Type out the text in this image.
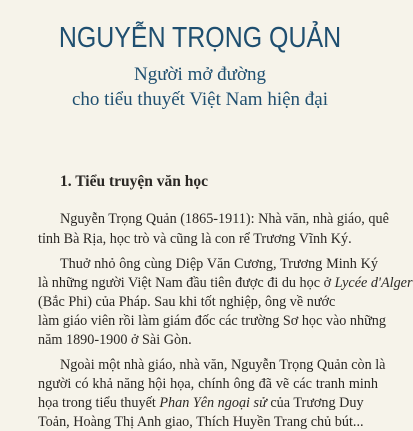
NGUYỄN TRỌNG QUẢN
Người mở đường
cho tiểu thuyết Việt Nam hiện đại
1. Tiểu truyện văn học
Nguyễn Trọng Quản (1865-1911): Nhà văn, nhà giáo, quê
tỉnh Bà Rịa, học trò và cũng là con rể Trương Vĩnh Ký.
Thuở nhỏ ông cùng Diệp Văn Cương, Trương Minh Ký
là những người Việt Nam đầu tiên được đi du học ở Lycée d'Alger
(Bắc Phi) của Pháp. Sau khi tốt nghiệp, ông về nước
làm giáo viên rồi làm giám đốc các trường Sơ học vào những
năm 1890-1900 ở Sài Gòn.
Ngoài một nhà giáo, nhà văn, Nguyễn Trọng Quản còn là
người có khả năng hội họa, chính ông đã vẽ các tranh minh
họa trong tiểu thuyết Phan Yên ngoại sử của Trương Duy
Toản, Hoàng Thị Anh giao, Thích Huyền Trang chủ bút...
